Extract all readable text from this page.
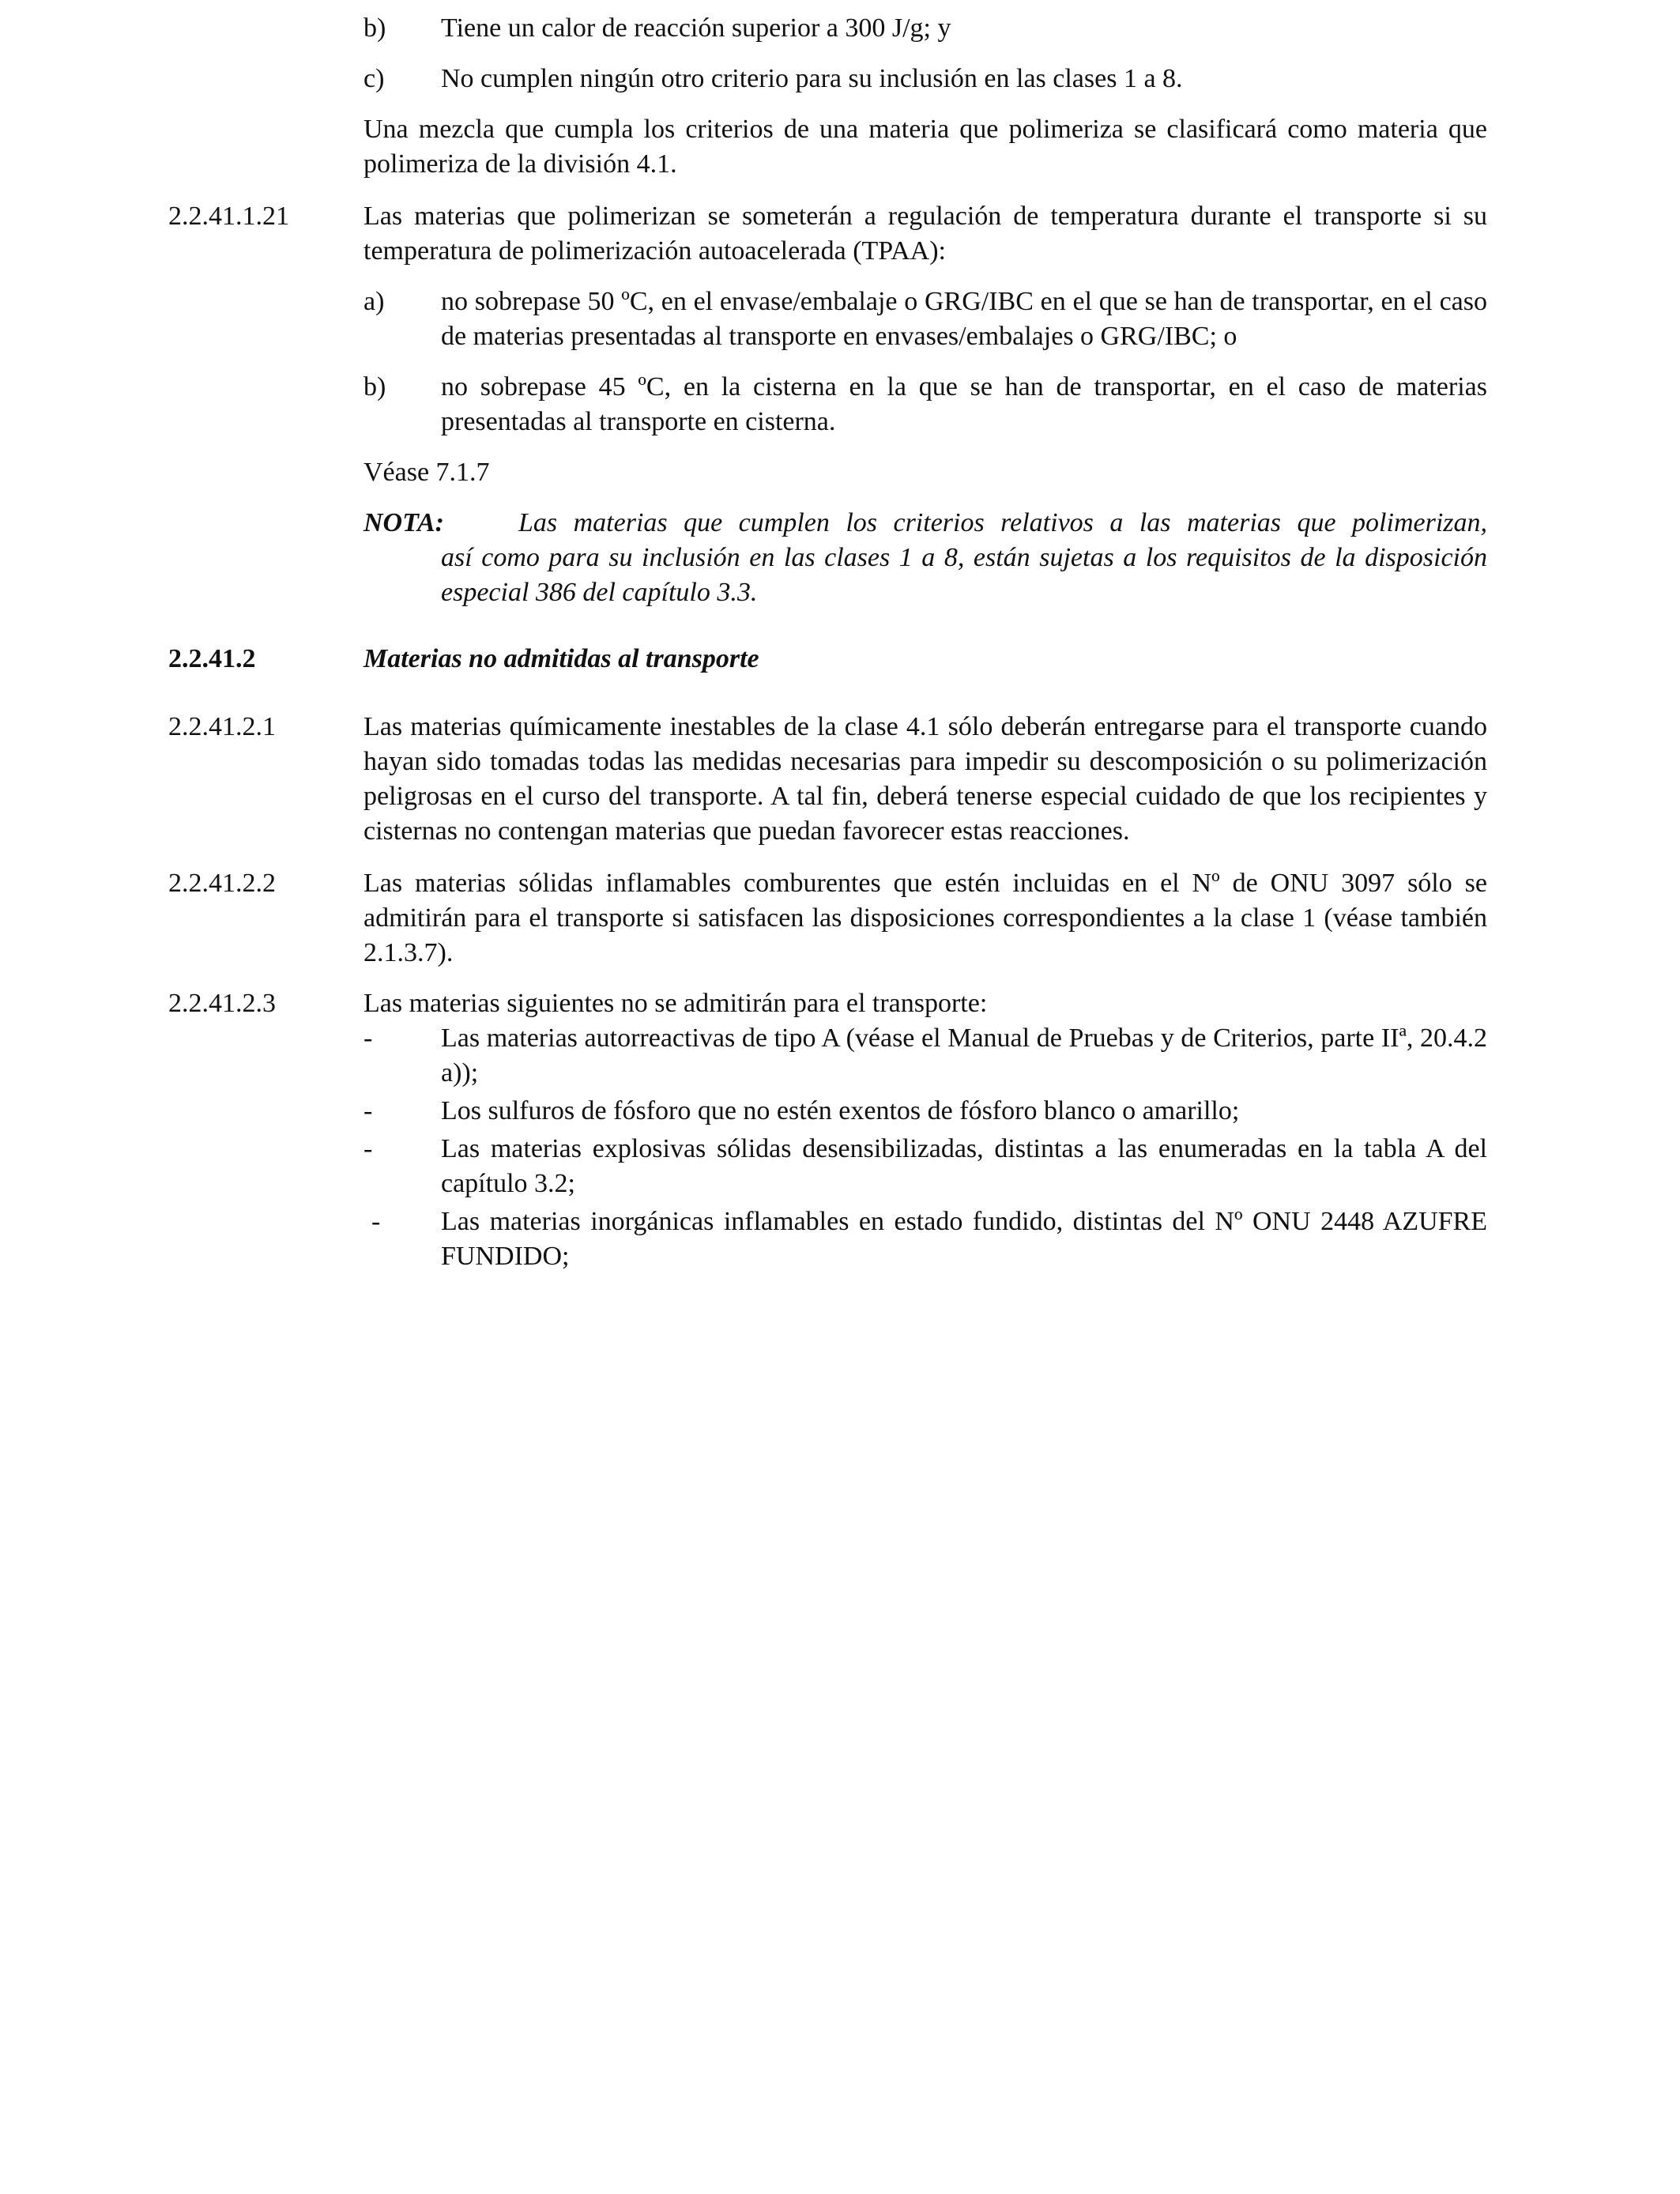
b) Tiene un calor de reacción superior a 300 J/g; y

c) No cumplen ningún otro criterio para su inclusión en las clases 1 a 8.

Una mezcla que cumpla los criterios de una materia que polimeriza se clasificará como materia que polimeriza de la división 4.1.

2.2.41.1.21	Las materias que polimerizan se someterán a regulación de temperatura durante el transporte si su temperatura de polimerización autoacelerada (TPAA):

a) no sobrepase 50 ºC, en el envase/embalaje o GRG/IBC en el que se han de transportar, en el caso de materias presentadas al transporte en envases/embalajes o GRG/IBC; o

b) no sobrepase 45 ºC, en la cisterna en la que se han de transportar, en el caso de materias presentadas al transporte en cisterna.

Véase 7.1.7

NOTA:	Las materias que cumplen los criterios relativos a las materias que polimerizan,

así como para su inclusión en las clases 1 a 8, están sujetas a los requisitos de la disposición especial 386 del capítulo 3.3.

2.2.41.2	Materias no admitidas al transporte
2.2.41.2.1	Las materias químicamente inestables de la clase 4.1 sólo deberán entregarse para el transporte cuando hayan sido tomadas todas las medidas necesarias para impedir su descomposición o su polimerización peligrosas en el curso del transporte. A tal fin, deberá tenerse especial cuidado de que los recipientes y cisternas no contengan materias que puedan favorecer estas reacciones.

2.2.41.2.2	Las materias sólidas inflamables comburentes que estén incluidas en el Nº de ONU 3097 sólo se admitirán para el transporte si satisfacen las disposiciones correspondientes a la clase 1 (véase también 2.1.3.7).

2.2.41.2.3	Las materias siguientes no se admitirán para el transporte:

-	Las materias autorreactivas de tipo A (véase el Manual de Pruebas y de Criterios, parte IIª, 20.4.2 a));

-	Los sulfuros de fósforo que no estén exentos de fósforo blanco o amarillo;

-	Las materias explosivas sólidas desensibilizadas, distintas a las enumeradas en la tabla A del capítulo 3.2;

- Las materias inorgánicas inflamables en estado fundido, distintas del Nº ONU 2448 AZUFRE FUNDIDO;
